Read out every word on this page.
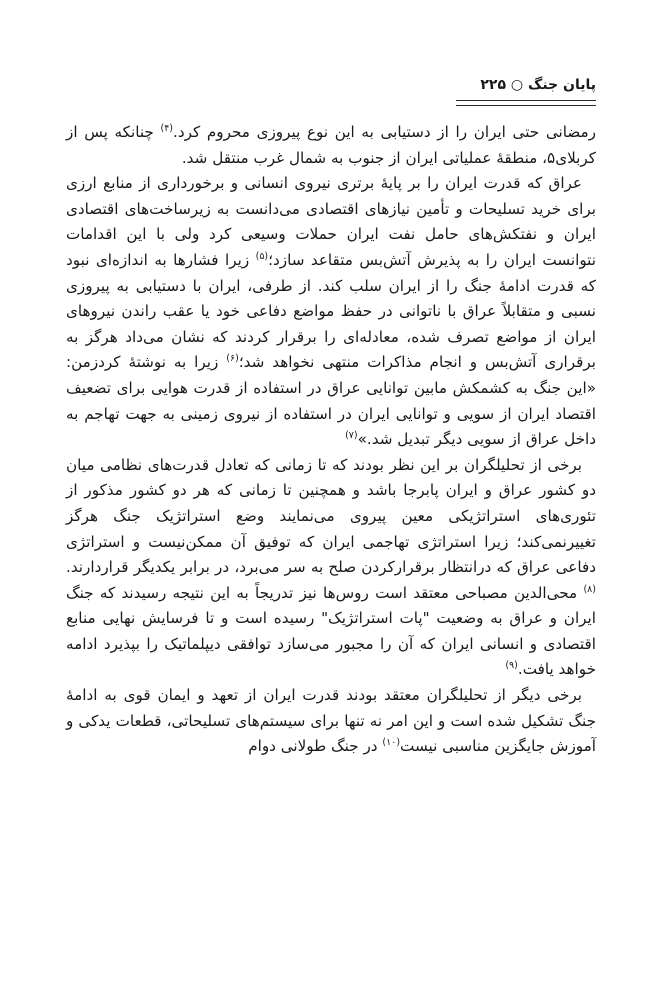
پایان جنگ ○ ۲۲۵

رمضانی حتی ایران را از دستیابی به این نوع پیروزی محروم کرد.$^{(۴)}$ چنانکه پس از کربلای۵، منطقهٔ عملیاتی ایران از جنوب به شمال غرب منتقل شد.

عراق که قدرت ایران را بر پایهٔ برتری نیروی انسانی و برخورداری از منابع ارزی برای خرید تسلیحات و تأمین نیازهای اقتصادی می‌دانست به زیرساخت‌های اقتصادی ایران و نفتکش‌های حامل نفت ایران حملات وسیعی کرد ولی با این اقدامات نتوانست ایران را به پذیرش آتش‌بس متقاعد سازد؛$^{(۵)}$ زیرا فشارها به اندازه‌ای نبود که قدرت ادامهٔ جنگ را از ایران سلب کند. از طرفی، ایران با دستیابی به پیروزی نسبی و متقابلاً عراق با ناتوانی در حفظ مواضع دفاعی خود یا عقب راندن نیروهای ایران از مواضع تصرف شده، معادله‌ای را برقرار کردند که نشان می‌داد هرگز به برقراری آتش‌بس و انجام مذاکرات منتهی نخواهد شد؛$^{(۶)}$ زیرا به نوشتهٔ کردزمن: «این جنگ به کشمکش مابین توانایی عراق در استفاده از قدرت هوایی برای تضعیف اقتصاد ایران از سویی و توانایی ایران در استفاده از نیروی زمینی به جهت تهاجم به داخل عراق از سویی دیگر تبدیل شد.»$^{(۷)}$

برخی از تحلیلگران بر این نظر بودند که تا زمانی که تعادل قدرت‌های نظامی میان دو کشور عراق و ایران پابرجا باشد و همچنین تا زمانی که هر دو کشور مذکور از تئوری‌های استراتژیکی معین پیروی می‌نمایند وضع استراتژیک جنگ هرگز تغییرنمی‌کند؛ زیرا استراتژی تهاجمی ایران که توفیق آن ممکن‌نیست و استراتژی دفاعی عراق که درانتظار برقرارکردن صلح به سر می‌برد، در برابر یکدیگر قراردارند.$^{(۸)}$ محی‌الدین مصباحی معتقد است روس‌ها نیز تدریجاً به این نتیجه رسیدند که جنگ ایران و عراق به وضعیت "پات استراتژیک" رسیده است و تا فرسایش نهایی منابع اقتصادی و انسانی ایران که آن را مجبور می‌سازد توافقی دیپلماتیک را بپذیرد ادامه خواهد یافت.$^{(۹)}$

برخی دیگر از تحلیلگران معتقد بودند قدرت ایران از تعهد و ایمان قوی به ادامهٔ جنگ تشکیل شده است و این امر نه تنها برای سیستم‌های تسلیحاتی، قطعات یدکی و آموزش جایگزین مناسبی نیست$^{(۱۰)}$ در جنگ طولانی دوام
